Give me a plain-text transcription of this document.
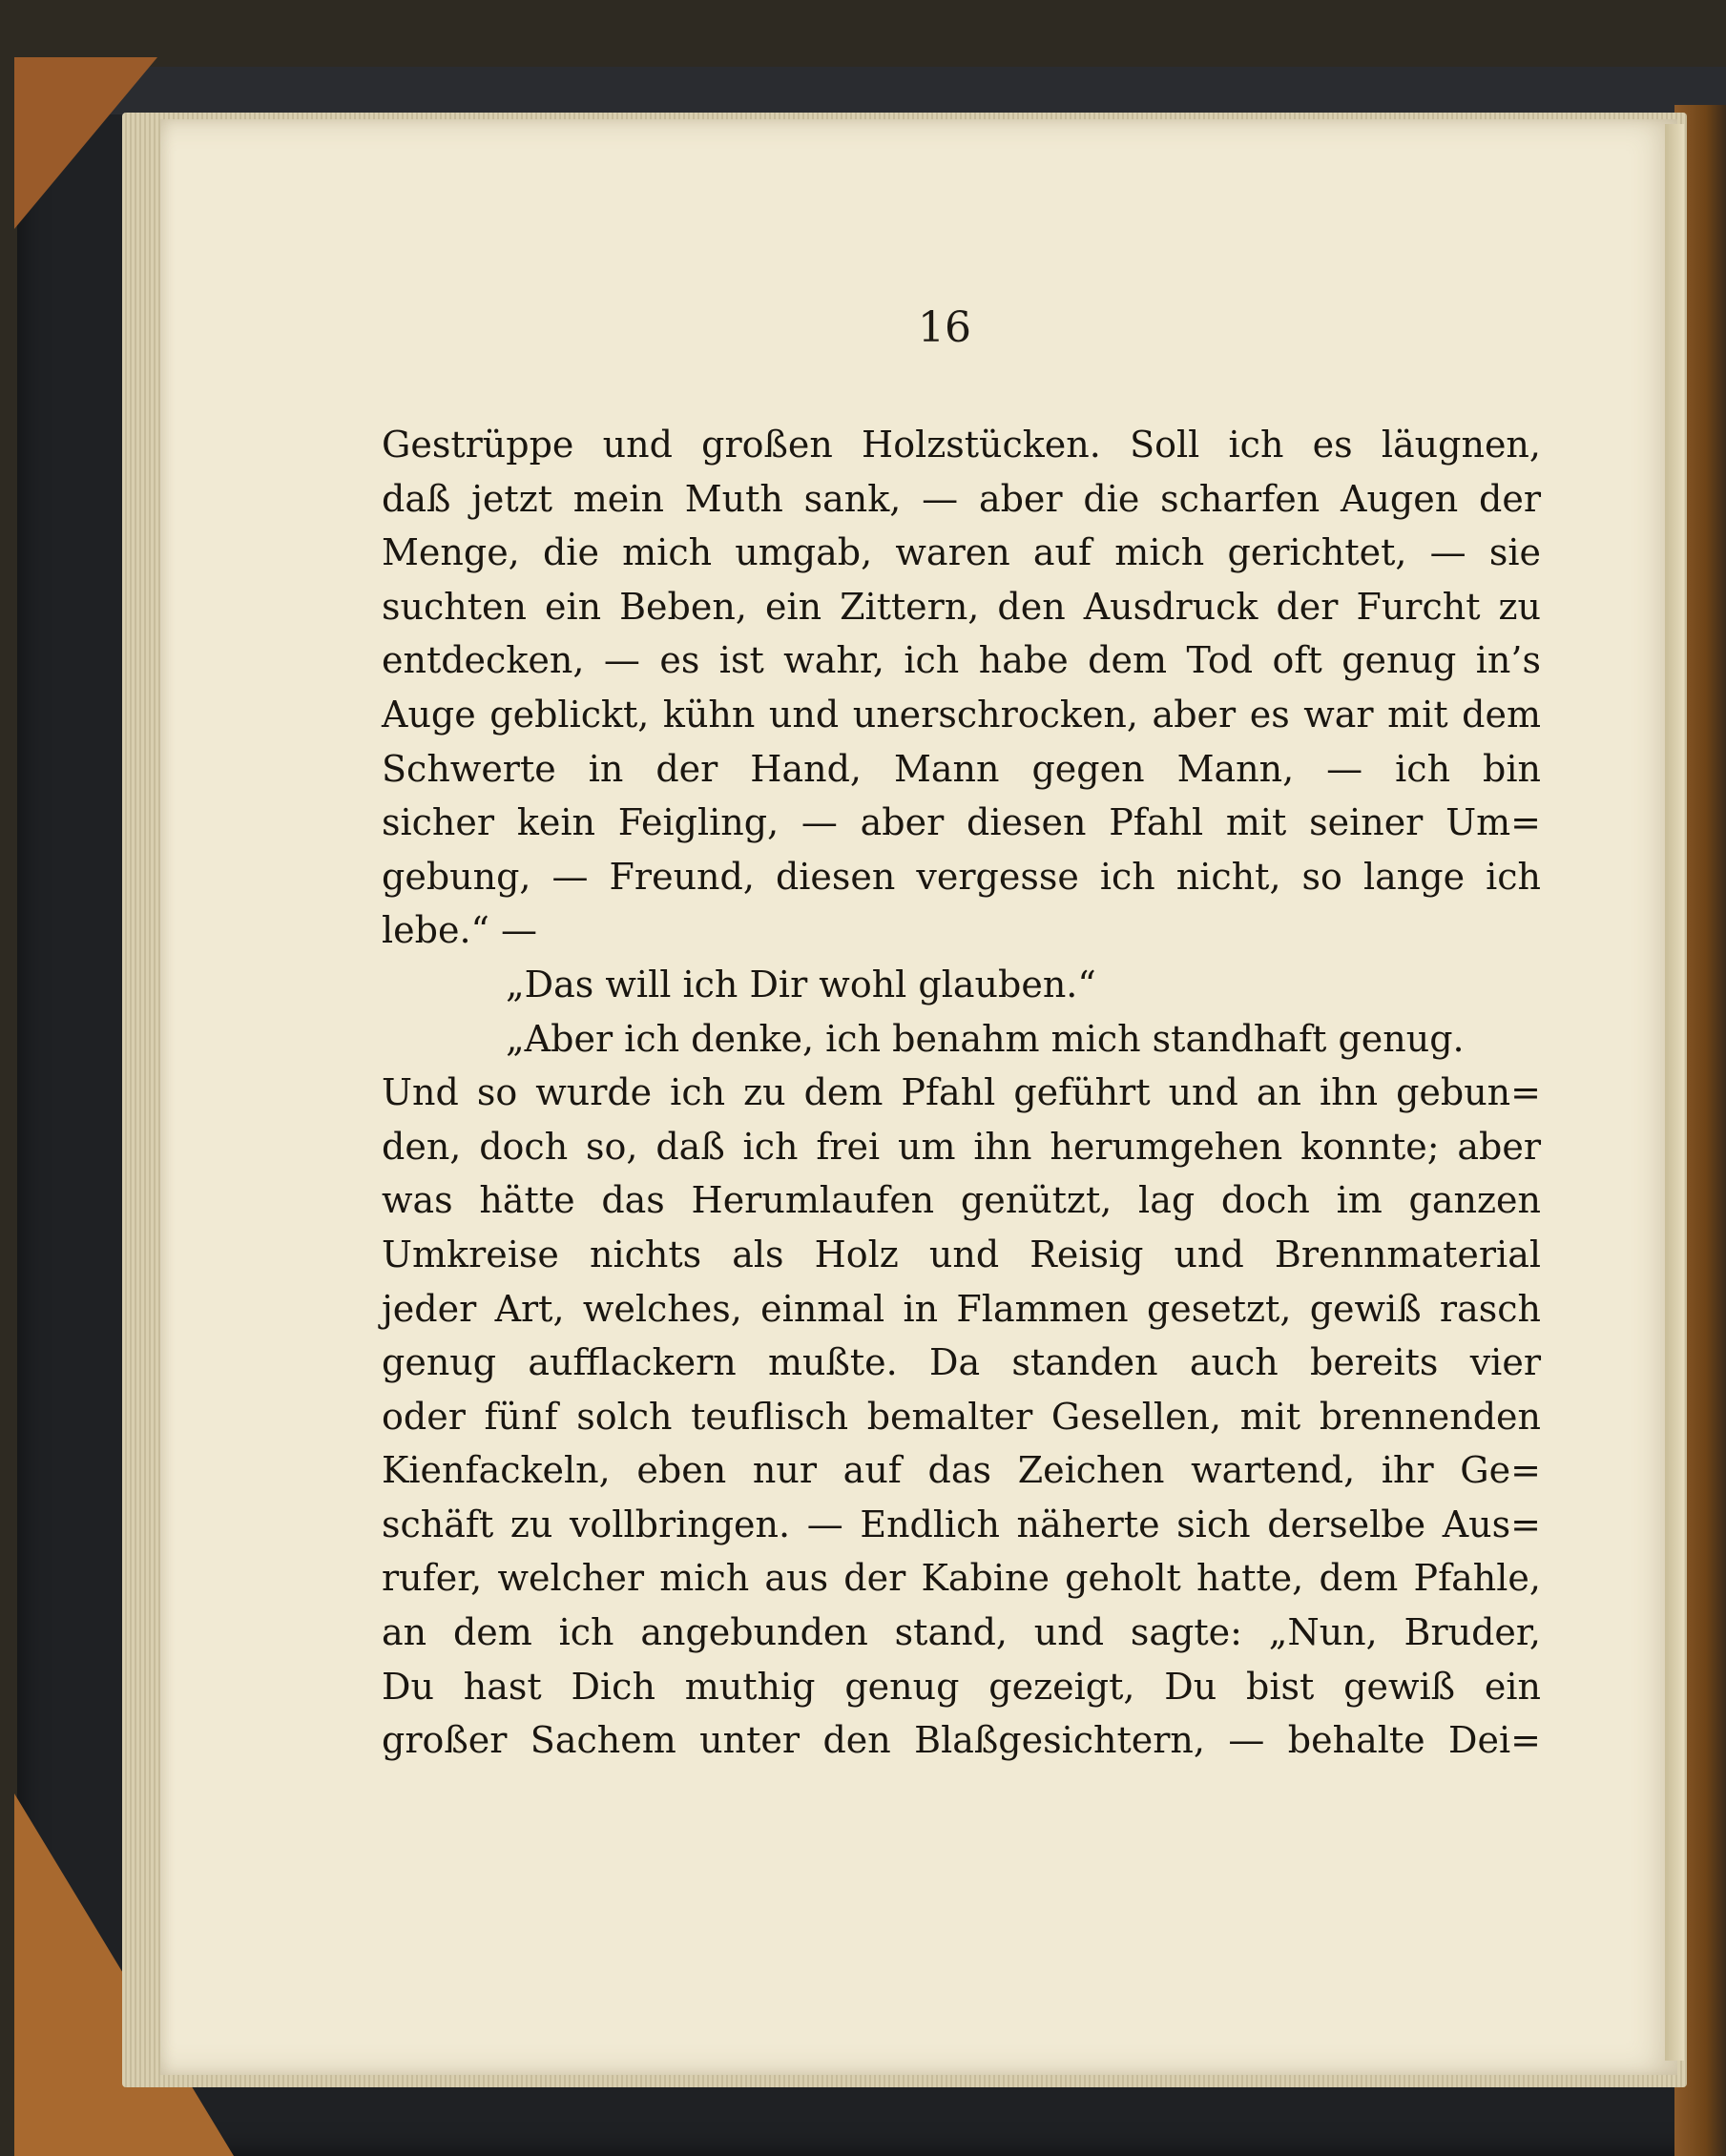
16
Gestrüppe und großen Holzstücken. Soll ich es läugnen,
daß jetzt mein Muth sank, — aber die scharfen Augen der
Menge, die mich umgab, waren auf mich gerichtet, — sie
suchten ein Beben, ein Zittern, den Ausdruck der Furcht zu
entdecken, — es ist wahr, ich habe dem Tod oft genug in’s
Auge geblickt, kühn und unerschrocken, aber es war mit dem
Schwerte in der Hand, Mann gegen Mann, — ich bin
sicher kein Feigling, — aber diesen Pfahl mit seiner Um=
gebung, — Freund, diesen vergesse ich nicht, so lange ich
lebe.“ —
„Das will ich Dir wohl glauben.“
„Aber ich denke, ich benahm mich standhaft genug.
Und so wurde ich zu dem Pfahl geführt und an ihn gebun=
den, doch so, daß ich frei um ihn herumgehen konnte; aber
was hätte das Herumlaufen genützt, lag doch im ganzen
Umkreise nichts als Holz und Reisig und Brennmaterial
jeder Art, welches, einmal in Flammen gesetzt, gewiß rasch
genug aufflackern mußte. Da standen auch bereits vier
oder fünf solch teuflisch bemalter Gesellen, mit brennenden
Kienfackeln, eben nur auf das Zeichen wartend, ihr Ge=
schäft zu vollbringen. — Endlich näherte sich derselbe Aus=
rufer, welcher mich aus der Kabine geholt hatte, dem Pfahle,
an dem ich angebunden stand, und sagte: „Nun, Bruder,
Du hast Dich muthig genug gezeigt, Du bist gewiß ein
großer Sachem unter den Blaßgesichtern, — behalte Dei=
